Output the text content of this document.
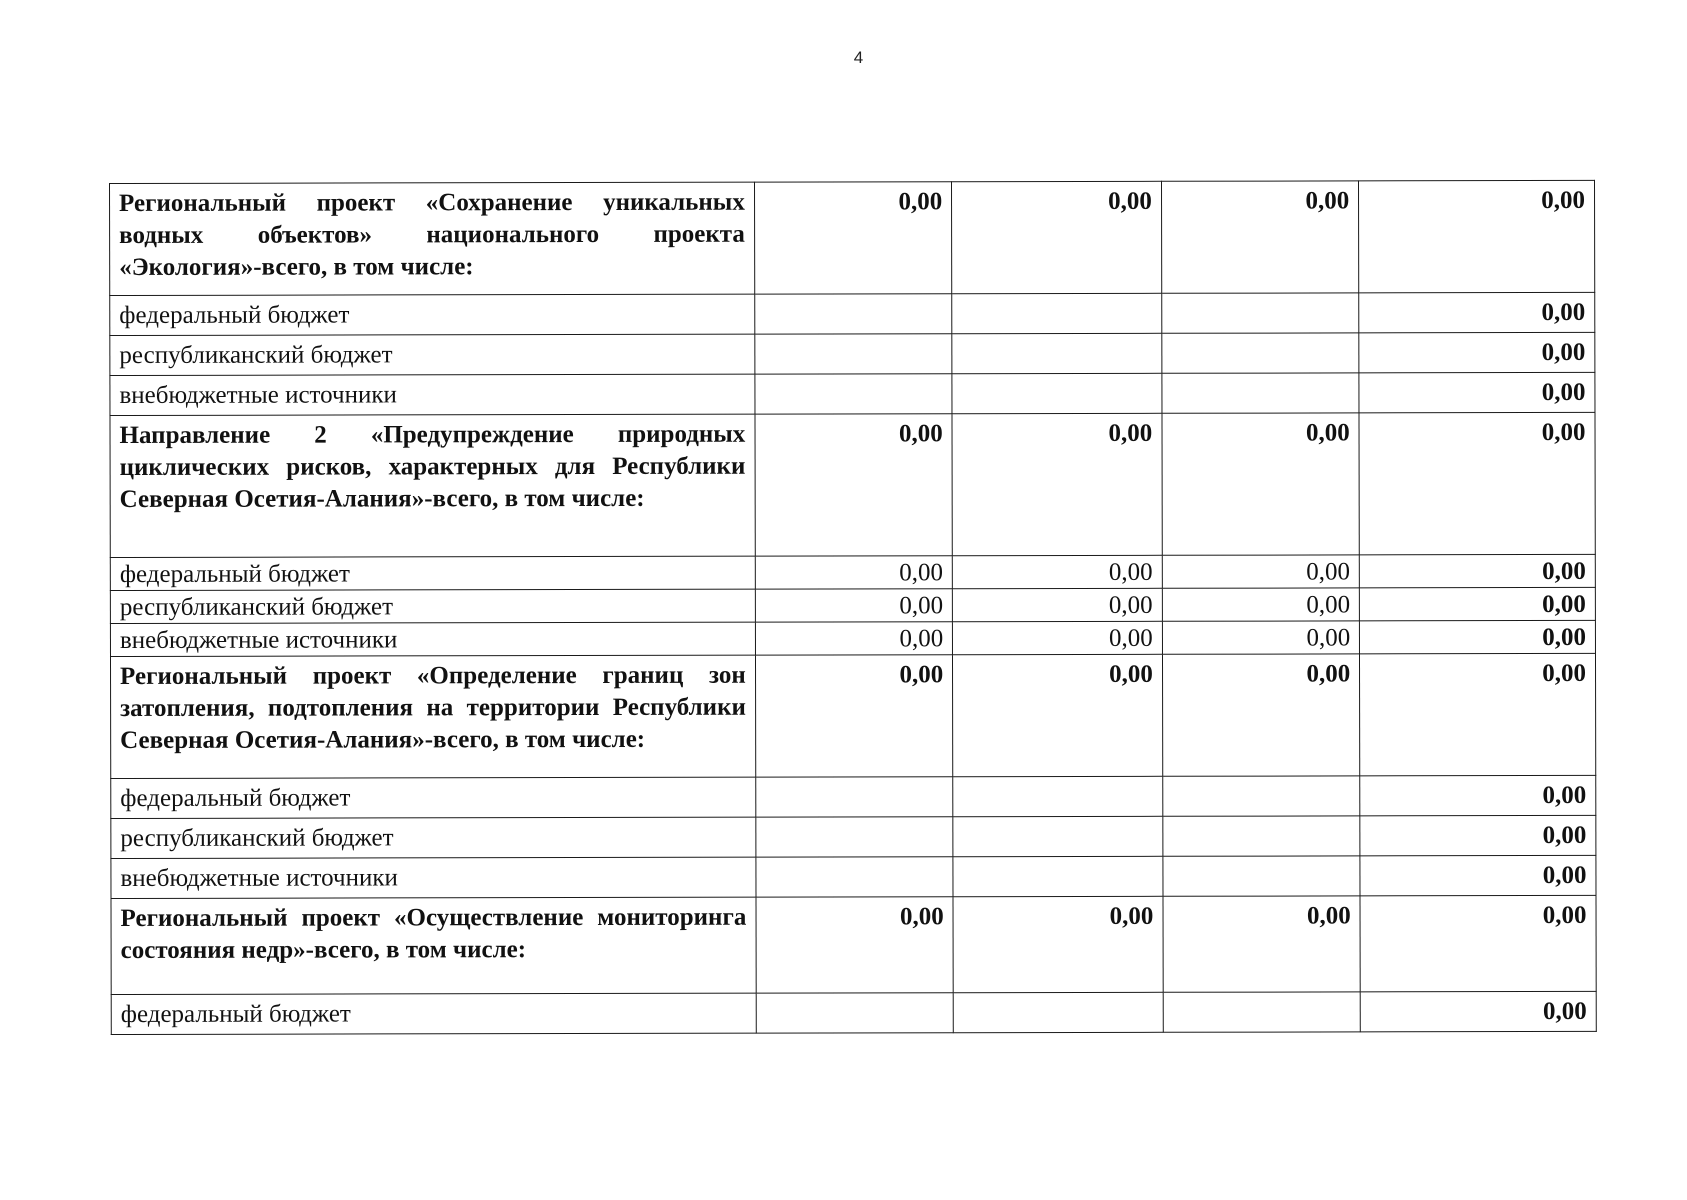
4
Региональный проект «Сохранение уникальных водных объектов» национального проекта «Экология»-всего, в том числе:	0,00	0,00	0,00	0,00
федеральный бюджет				0,00
республиканский бюджет				0,00
внебюджетные источники				0,00
Направление 2 «Предупреждение природных циклических рисков, характерных для Республики Северная Осетия-Алания»-всего, в том числе:	0,00	0,00	0,00	0,00
федеральный бюджет	0,00	0,00	0,00	0,00
республиканский бюджет	0,00	0,00	0,00	0,00
внебюджетные источники	0,00	0,00	0,00	0,00
Региональный проект «Определение границ зон затопления, подтопления на территории Республики Северная Осетия-Алания»-всего, в том числе:	0,00	0,00	0,00	0,00
федеральный бюджет				0,00
республиканский бюджет				0,00
внебюджетные источники				0,00
Региональный проект «Осуществление мониторинга состояния недр»-всего, в том числе:	0,00	0,00	0,00	0,00
федеральный бюджет				0,00
